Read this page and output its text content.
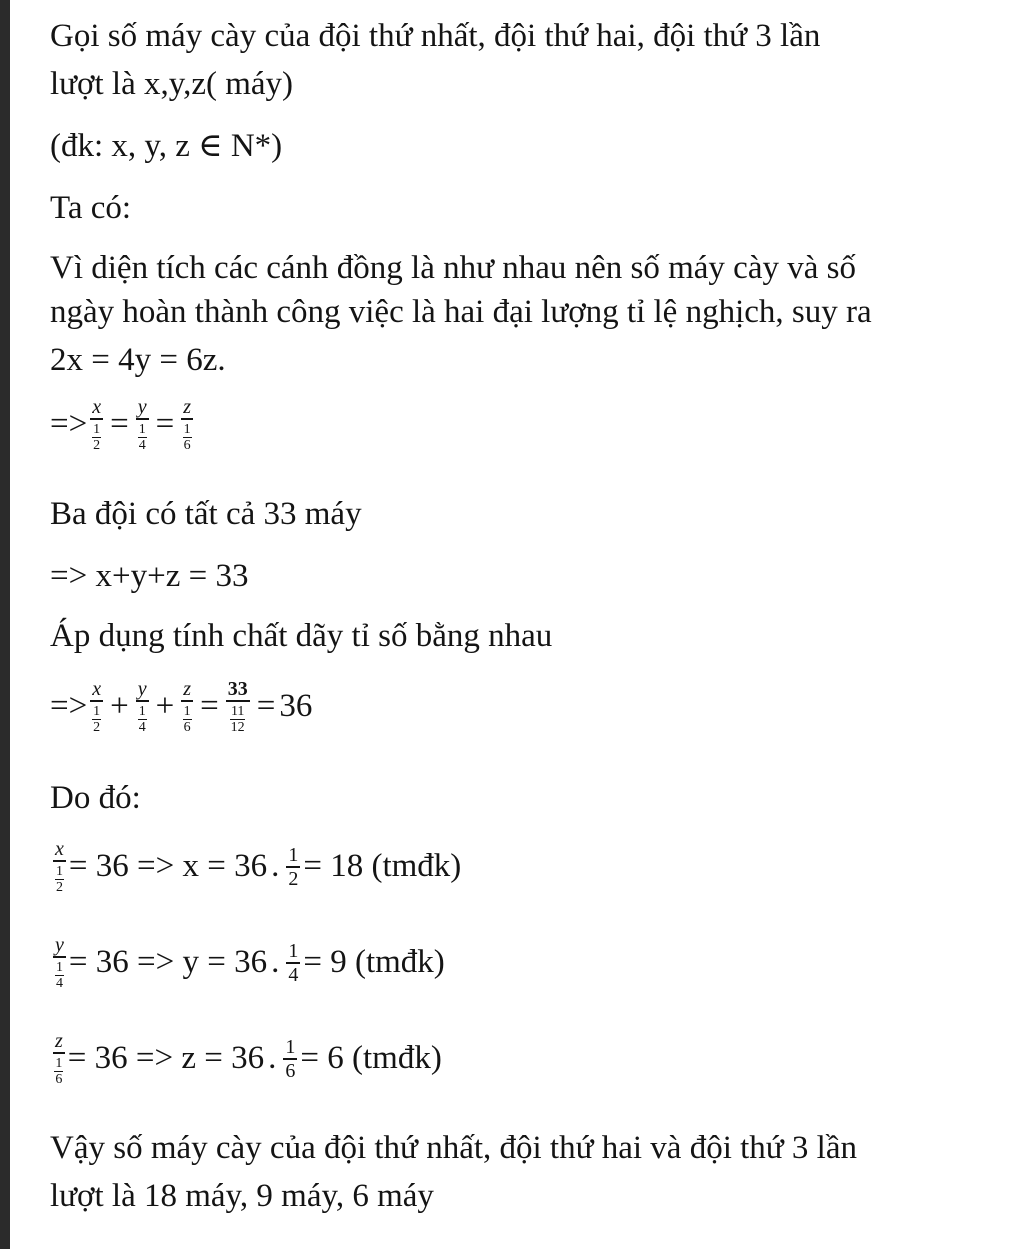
Gọi số máy cày của đội thứ nhất, đội thứ hai, đội thứ 3 lần
lượt là x,y,z( máy)
(đk: x, y, z ∈ N*)
Ta có:
Vì diện tích các cánh đồng là như nhau nên số máy cày và số
ngày hoàn thành công việc là hai đại lượng tỉ lệ nghịch, suy ra
2x = 4y = 6z.
=> x
1
2 = y
1
4 = z
1
6
Ba đội có tất cả 33 máy
=> x+y+z = 33
Áp dụng tính chất dãy tỉ số bằng nhau
=> x
1
2 + y
1
4 + z
1
6 = 33
11
12 = 36
Do đó:
x
1
2 = 36 => x = 36 . $\frac{1}{2} = 18$ (tmđk)
y
1
4 = 36 => y = 36 . $\frac{1}{4} = 9$ (tmđk)
z
1
6 = 36 => z = 36 . $\frac{1}{6} = 6$ (tmđk)
Vậy số máy cày của đội thứ nhất, đội thứ hai và đội thứ 3 lần
lượt là 18 máy, 9 máy, 6 máy
